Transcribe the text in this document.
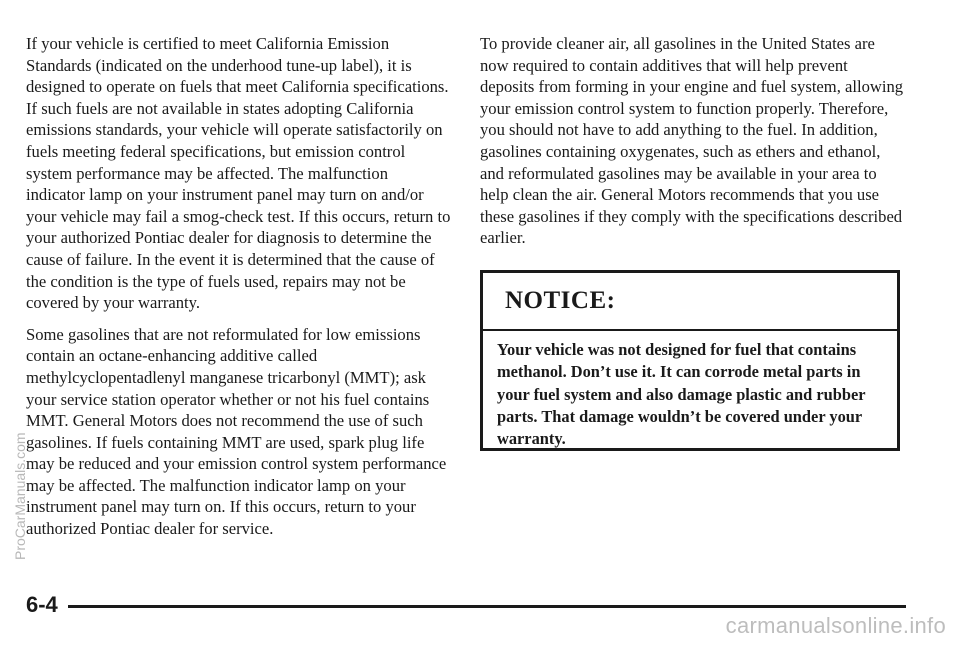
If your vehicle is certified to meet California Emission Standards (indicated on the underhood tune-up label), it is designed to operate on fuels that meet California specifications. If such fuels are not available in states adopting California emissions standards, your vehicle will operate satisfactorily on fuels meeting federal specifications, but emission control system performance may be affected. The malfunction indicator lamp on your instrument panel may turn on and/or your vehicle may fail a smog-check test. If this occurs, return to your authorized Pontiac dealer for diagnosis to determine the cause of failure. In the event it is determined that the cause of the condition is the type of fuels used, repairs may not be covered by your warranty.

Some gasolines that are not reformulated for low emissions contain an octane-enhancing additive called methylcyclopentadlenyl manganese tricarbonyl (MMT); ask your service station operator whether or not his fuel contains MMT. General Motors does not recommend the use of such gasolines. If fuels containing MMT are used, spark plug life may be reduced and your emission control system performance may be affected. The malfunction indicator lamp on your instrument panel may turn on. If this occurs, return to your authorized Pontiac dealer for service.

To provide cleaner air, all gasolines in the United States are now required to contain additives that will help prevent deposits from forming in your engine and fuel system, allowing your emission control system to function properly. Therefore, you should not have to add anything to the fuel. In addition, gasolines containing oxygenates, such as ethers and ethanol, and reformulated gasolines may be available in your area to help clean the air. General Motors recommends that you use these gasolines if they comply with the specifications described earlier.

NOTICE:
Your vehicle was not designed for fuel that contains methanol. Don’t use it. It can corrode metal parts in your fuel system and also damage plastic and rubber parts. That damage wouldn’t be covered under your warranty.
6-4
ProCarManuals.com
carmanualsonline.info
